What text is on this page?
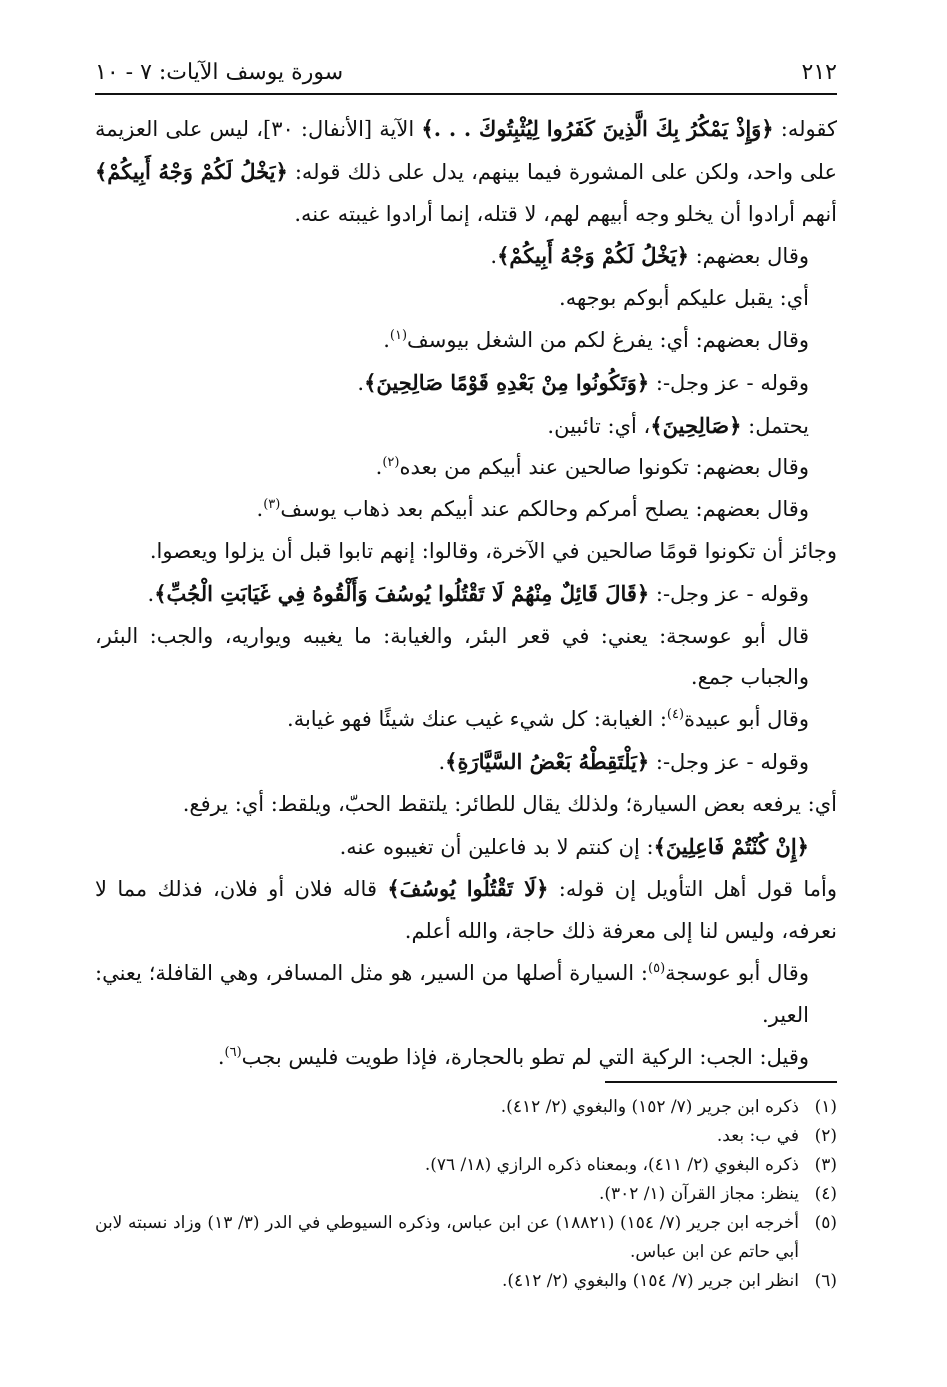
٢١٢
سورة يوسف الآيات: ٧ - ١٠

كقوله: ﴿وَإِذْ يَمْكُرُ بِكَ الَّذِينَ كَفَرُوا لِيُثْبِتُوكَ . . .﴾ الآية [الأنفال: ٣٠]، ليس على العزيمة على واحد، ولكن على المشورة فيما بينهم، يدل على ذلك قوله: ﴿يَخْلُ لَكُمْ وَجْهُ أَبِيكُمْ﴾ أنهم أرادوا أن يخلو وجه أبيهم لهم، لا قتله، إنما أرادوا غيبته عنه.

وقال بعضهم: ﴿يَخْلُ لَكُمْ وَجْهُ أَبِيكُمْ﴾.

أي: يقبل عليكم أبوكم بوجهه.

وقال بعضهم: أي: يفرغ لكم من الشغل بيوسف$^{(١)}$.

وقوله - عز وجل-: ﴿وَتَكُونُوا مِنْ بَعْدِهِ قَوْمًا صَالِحِينَ﴾.

يحتمل: ﴿صَالِحِينَ﴾، أي: تائبين.

وقال بعضهم: تكونوا صالحين عند أبيكم من بعده$^{(٢)}$.

وقال بعضهم: يصلح أمركم وحالكم عند أبيكم بعد ذهاب يوسف$^{(٣)}$.

وجائز أن تكونوا قومًا صالحين في الآخرة، وقالوا: إنهم تابوا قبل أن يزلوا ويعصوا.

وقوله - عز وجل-: ﴿قَالَ قَائِلٌ مِنْهُمْ لَا تَقْتُلُوا يُوسُفَ وَأَلْقُوهُ فِي غَيَابَتِ الْجُبِّ﴾.

قال أبو عوسجة: يعني: في قعر البئر، والغيابة: ما يغيبه ويواريه، والجب: البئر، والجباب جمع.

وقال أبو عبيدة$^{(٤)}$: الغيابة: كل شيء غيب عنك شيئًا فهو غيابة.

وقوله - عز وجل-: ﴿يَلْتَقِطْهُ بَعْضُ السَّيَّارَةِ﴾.

أي: يرفعه بعض السيارة؛ ولذلك يقال للطائر: يلتقط الحبّ، ويلقط: أي: يرفع.

﴿إِنْ كُنْتُمْ فَاعِلِينَ﴾: إن كنتم لا بد فاعلين أن تغيبوه عنه.

وأما قول أهل التأويل إن قوله: ﴿لَا تَقْتُلُوا يُوسُفَ﴾ قاله فلان أو فلان، فذلك مما لا نعرفه، وليس لنا إلى معرفة ذلك حاجة، والله أعلم.

وقال أبو عوسجة$^{(٥)}$: السيارة أصلها من السير، هو مثل المسافر، وهي القافلة؛ يعني: العير.

وقيل: الجب: الركية التي لم تطو بالحجارة، فإذا طويت فليس بجب$^{(٦)}$.

(١)
ذكره ابن جرير (٧/ ١٥٢) والبغوي (٢/ ٤١٢).
(٢)
في ب: بعد.
(٣)
ذكره البغوي (٢/ ٤١١)، وبمعناه ذكره الرازي (١٨/ ٧٦).
(٤)
ينظر: مجاز القرآن (١/ ٣٠٢).
(٥)
أخرجه ابن جرير (٧/ ١٥٤) (١٨٨٢١) عن ابن عباس، وذكره السيوطي في الدر (٣/ ١٣) وزاد نسبته لابن أبي حاتم عن ابن عباس.
(٦)
انظر ابن جرير (٧/ ١٥٤) والبغوي (٢/ ٤١٢).
